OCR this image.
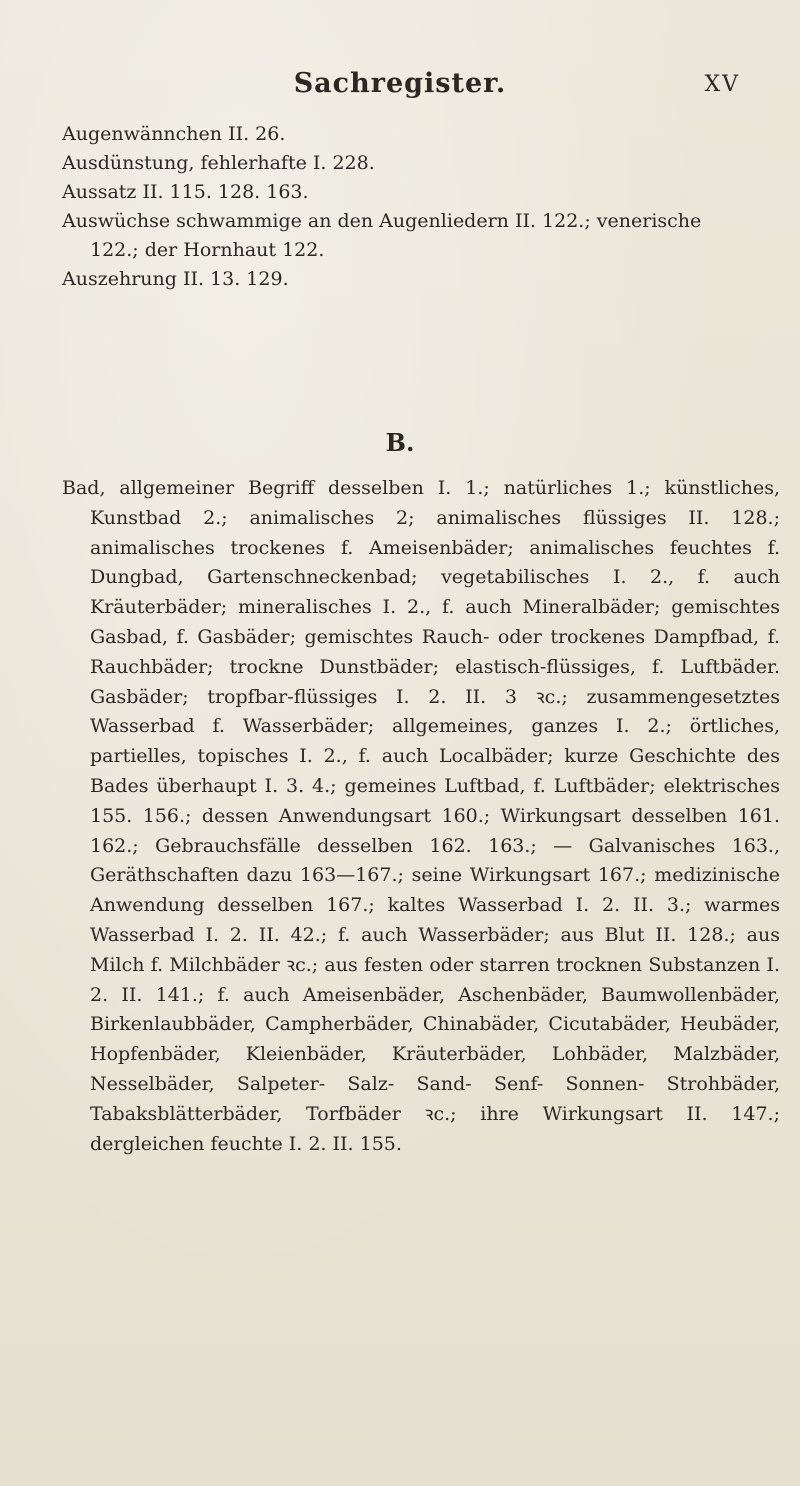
Sachregister.	XV

Augenwännchen II. 26.

Ausdünstung, fehlerhafte I. 228.

Aussatz II. 115. 128. 163.

Auswüchse schwammige an den Augenliedern II. 122.; venerische 122.; der Hornhaut 122.

Auszehrung II. 13. 129.

B.

Bad, allgemeiner Begriff desselben I. 1.; natürliches 1.; künstliches, Kunstbad 2.; animalisches 2; animalisches flüssiges II. 128.; animalisches trockenes f. Ameisenbäder; animalisches feuchtes f. Dungbad, Gartenschneckenbad; vegetabilisches I. 2., f. auch Kräuterbäder; mineralisches I. 2., f. auch Mineralbäder; gemischtes Gasbad, f. Gasbäder; gemischtes Rauch- oder trockenes Dampfbad, f. Rauchbäder; trockne Dunstbäder; elastisch-flüssiges, f. Luftbäder. Gasbäder; tropfbar-flüssiges I. 2. II. 3 ꝛc.; zusammengesetztes Wasserbad f. Wasserbäder; allgemeines, ganzes I. 2.; örtliches, partielles, topisches I. 2., f. auch Localbäder; kurze Geschichte des Bades überhaupt I. 3. 4.; gemeines Luftbad, f. Luftbäder; elektrisches 155. 156.; dessen Anwendungsart 160.; Wirkungsart desselben 161. 162.; Gebrauchsfälle desselben 162. 163.; — Galvanisches 163., Geräthschaften dazu 163—167.; seine Wirkungsart 167.; medizinische Anwendung desselben 167.; kaltes Wasserbad I. 2. II. 3.; warmes Wasserbad I. 2. II. 42.; f. auch Wasserbäder; aus Blut II. 128.; aus Milch f. Milchbäder ꝛc.; aus festen oder starren trocknen Substanzen I. 2. II. 141.; f. auch Ameisenbäder, Aschenbäder, Baumwollenbäder, Birkenlaubbäder, Campherbäder, Chinabäder, Cicutabäder, Heubäder, Hopfenbäder, Kleienbäder, Kräuterbäder, Lohbäder, Malzbäder, Nesselbäder, Salpeter- Salz- Sand- Senf- Sonnen- Strohbäder, Tabaksblätterbäder, Torfbäder ꝛc.; ihre Wirkungsart II. 147.; dergleichen feuchte I. 2. II. 155.
